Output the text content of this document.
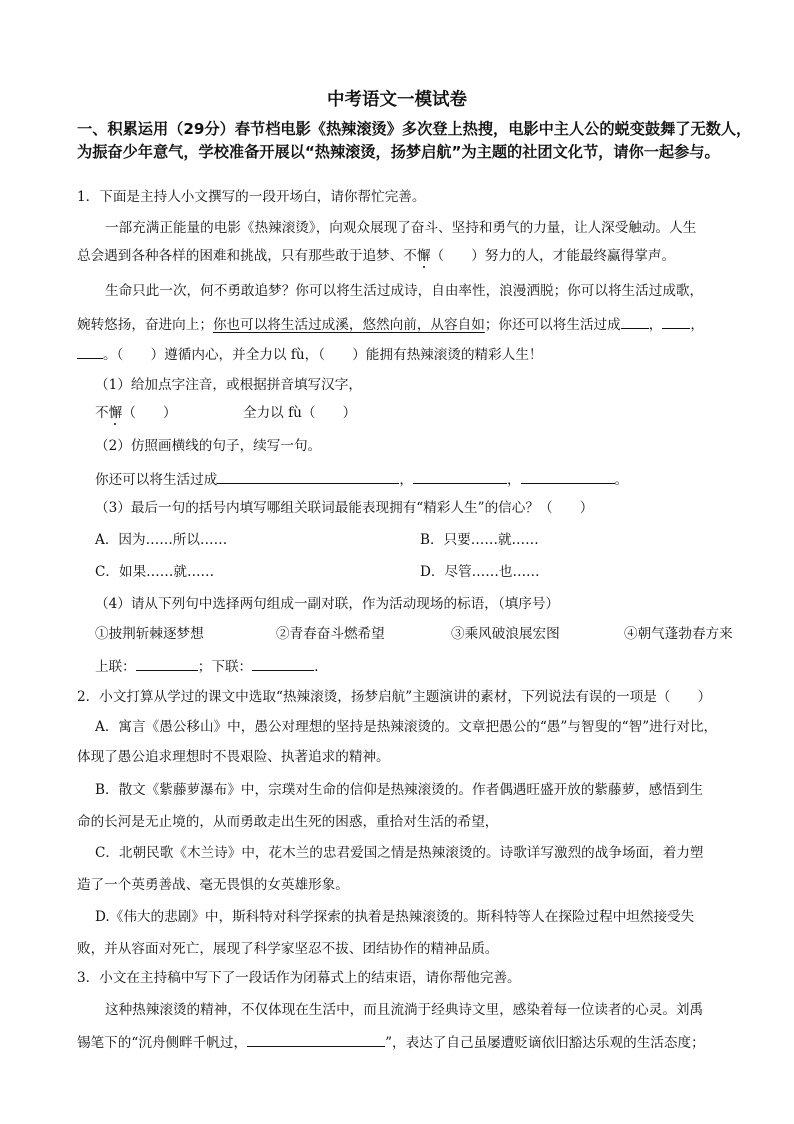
中考语文一模试卷
一、积累运用（29分）春节档电影《热辣滚烫》多次登上热搜，电影中主人公的蜕变鼓舞了无数人，为振奋少年意气，学校准备开展以“热辣滚烫，扬梦启航”为主题的社团文化节，请你一起参与。
1．下面是主持人小文撰写的一段开场白，请你帮忙完善。
一部充满正能量的电影《热辣滚烫》，向观众展现了奋斗、坚持和勇气的力量，让人深受触动。人生
总会遇到各种各样的困难和挑战，只有那些敢于追梦、不懈（　　）努力的人，才能最终赢得掌声。
生命只此一次，何不勇敢追梦？你可以将生活过成诗，自由率性，浪漫洒脱；你可以将生活过成歌，
婉转悠扬，奋进向上；你也可以将生活过成溪，悠然向前，从容自如；你还可以将生活过成 ， ，
。（　　）遵循内心，并全力以 fù，（　　）能拥有热辣滚烫的精彩人生！
（1）给加点字注音，或根据拼音填写汉字，
不懈（　　）	全力以 fù（　　）
（2）仿照画横线的句子，续写一句。
你还可以将生活过成	，	，	。
（3）最后一句的括号内填写哪组关联词最能表现拥有“精彩人生”的信心？（　　）
A．因为……所以……	B．只要……就……
C．如果……就……	D．尽管……也……
（4）请从下列句中选择两句组成一副对联，作为活动现场的标语，（填序号）
①披荆斩棘逐梦想	②青春奋斗燃希望	③乘风破浪展宏图	④朝气蓬勃春方来
上联：	；下联：	.
2．小文打算从学过的课文中选取“热辣滚烫，扬梦启航”主题演讲的素材，下列说法有误的一项是（　　）
A．寓言《愚公移山》中，愚公对理想的坚持是热辣滚烫的。文章把愚公的“愚”与智叟的“智”进行对比，
体现了愚公追求理想时不畏艰险、执著追求的精神。
B．散文《紫藤萝瀑布》中，宗璞对生命的信仰是热辣滚烫的。作者偶遇旺盛开放的紫藤萝，感悟到生
命的长河是无止境的，从而勇敢走出生死的困惑，重拾对生活的希望，
C．北朝民歌《木兰诗》中，花木兰的忠君爱国之情是热辣滚烫的。诗歌详写激烈的战争场面，着力塑
造了一个英勇善战、毫无畏惧的女英雄形象。
D.《伟大的悲剧》中，斯科特对科学探索的执着是热辣滚烫的。斯科特等人在探险过程中坦然接受失
败，并从容面对死亡，展现了科学家坚忍不拔、团结协作的精神品质。
3．小文在主持稿中写下了一段话作为闭幕式上的结束语，请你帮他完善。
这种热辣滚烫的精神，不仅体现在生活中，而且流淌于经典诗文里，感染着每一位读者的心灵。刘禹
锡笔下的“沉舟侧畔千帆过，	”，表达了自己虽屡遭贬谪依旧豁达乐观的生活态度；
